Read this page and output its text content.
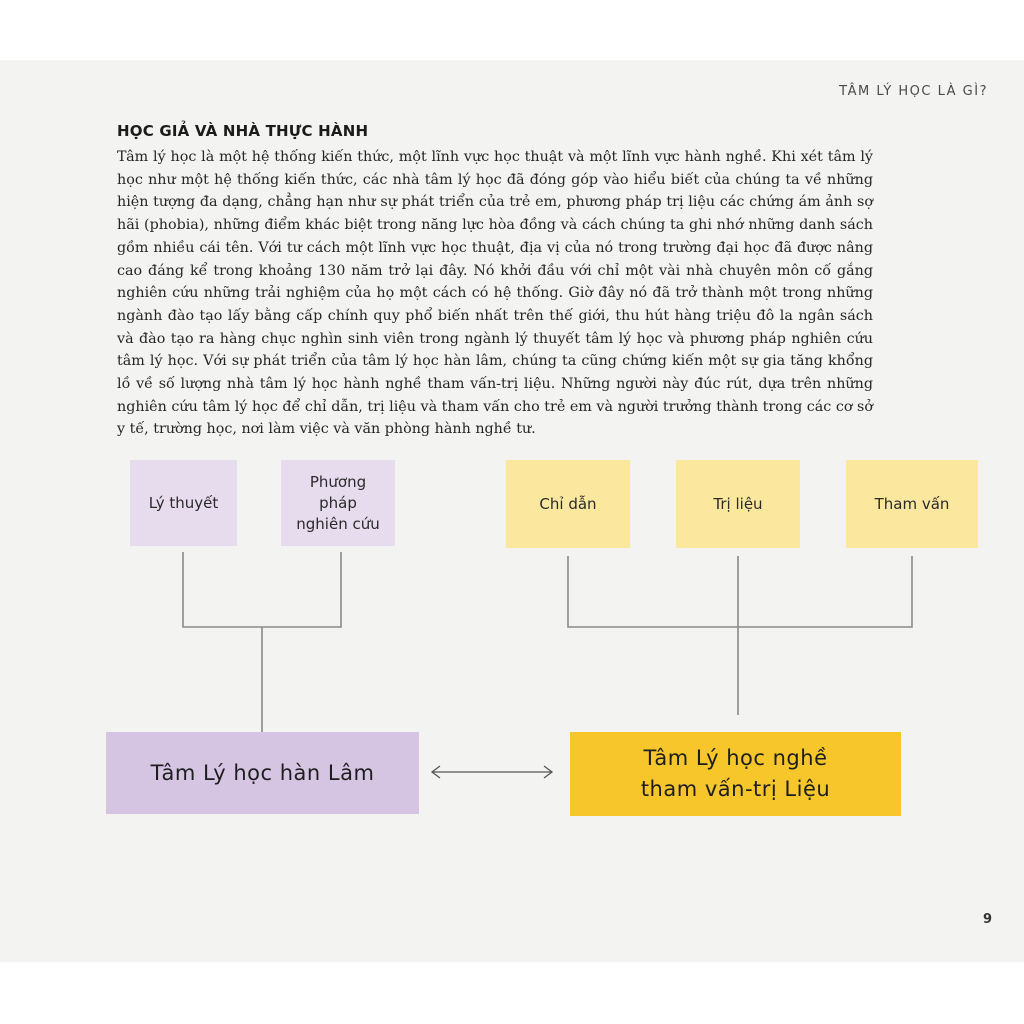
TÂM LÝ HỌC LÀ GÌ?
HỌC GIẢ VÀ NHÀ THỰC HÀNH

Tâm lý học là một hệ thống kiến thức, một lĩnh vực học thuật và một lĩnh vực hành nghề. Khi xét tâm lý học như một hệ thống kiến thức, các nhà tâm lý học đã đóng góp vào hiểu biết của chúng ta về những hiện tượng đa dạng, chẳng hạn như sự phát triển của trẻ em, phương pháp trị liệu các chứng ám ảnh sợ hãi (phobia), những điểm khác biệt trong năng lực hòa đồng và cách chúng ta ghi nhớ những danh sách gồm nhiều cái tên. Với tư cách một lĩnh vực học thuật, địa vị của nó trong trường đại học đã được nâng cao đáng kể trong khoảng 130 năm trở lại đây. Nó khởi đầu với chỉ một vài nhà chuyên môn cố gắng nghiên cứu những trải nghiệm của họ một cách có hệ thống. Giờ đây nó đã trở thành một trong những ngành đào tạo lấy bằng cấp chính quy phổ biến nhất trên thế giới, thu hút hàng triệu đô la ngân sách và đào tạo ra hàng chục nghìn sinh viên trong ngành lý thuyết tâm lý học và phương pháp nghiên cứu tâm lý học. Với sự phát triển của tâm lý học hàn lâm, chúng ta cũng chứng kiến một sự gia tăng khổng lồ về số lượng nhà tâm lý học hành nghề tham vấn-trị liệu. Những người này đúc rút, dựa trên những nghiên cứu tâm lý học để chỉ dẫn, trị liệu và tham vấn cho trẻ em và người trưởng thành trong các cơ sở y tế, trường học, nơi làm việc và văn phòng hành nghề tư.

Lý thuyết
Phương pháp nghiên cứu
Chỉ dẫn	Trị liệu	Tham vấn
Tâm Lý học hàn Lâm
Tâm Lý học nghề
tham vấn-trị Liệu
9
